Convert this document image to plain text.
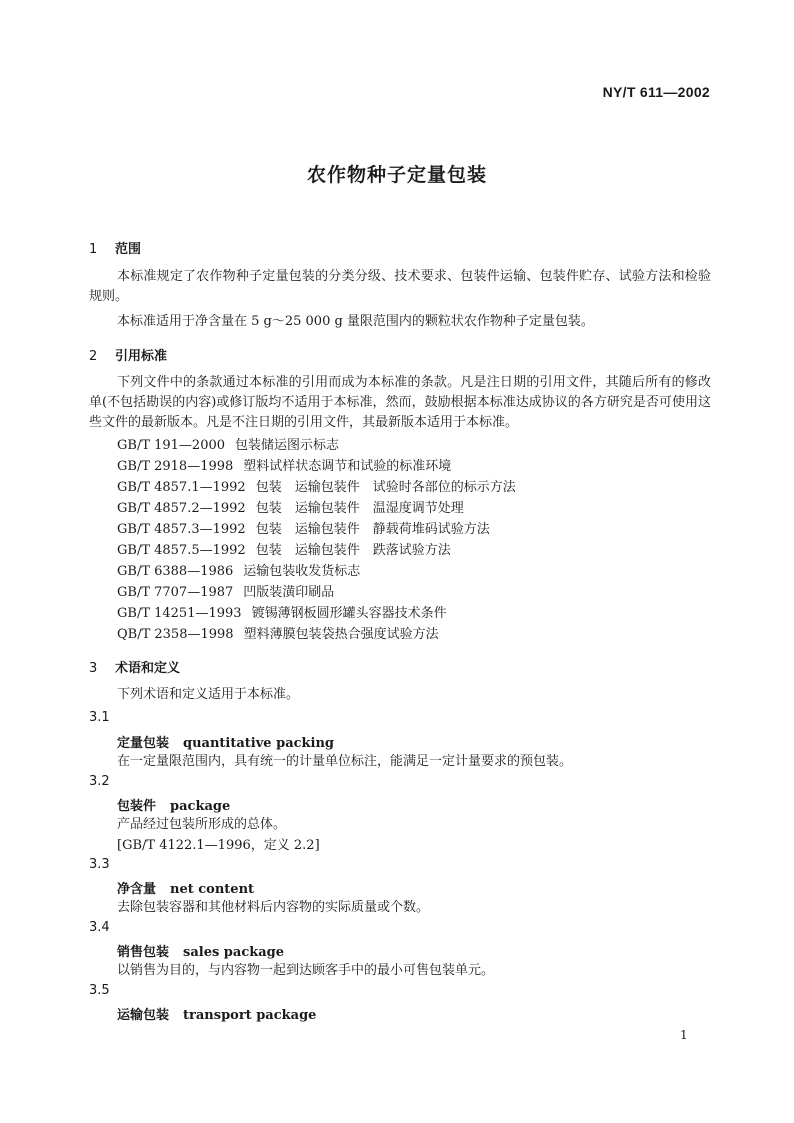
NY/T 611—2002
农作物种子定量包装
1 范围
本标准规定了农作物种子定量包装的分类分级、技术要求、包装件运输、包装件贮存、试验方法和检验规则。
本标准适用于净含量在 5 g～25 000 g 量限范围内的颗粒状农作物种子定量包装。
2 引用标准
下列文件中的条款通过本标准的引用而成为本标准的条款。凡是注日期的引用文件，其随后所有的修改单(不包括勘误的内容)或修订版均不适用于本标准，然而，鼓励根据本标准达成协议的各方研究是否可使用这些文件的最新版本。凡是不注日期的引用文件，其最新版本适用于本标准。
GB/T 191—2000 包装储运图示标志
GB/T 2918—1998 塑料试样状态调节和试验的标准环境
GB/T 4857.1—1992 包装　运输包装件　试验时各部位的标示方法
GB/T 4857.2—1992 包装　运输包装件　温湿度调节处理
GB/T 4857.3—1992 包装　运输包装件　静载荷堆码试验方法
GB/T 4857.5—1992 包装　运输包装件　跌落试验方法
GB/T 6388—1986 运输包装收发货标志
GB/T 7707—1987 凹版装潢印刷品
GB/T 14251—1993 镀锡薄钢板圆形罐头容器技术条件
QB/T 2358—1998 塑料薄膜包装袋热合强度试验方法
3 术语和定义
下列术语和定义适用于本标准。
3.1
定量包装 quantitative packing
在一定量限范围内，具有统一的计量单位标注，能满足一定计量要求的预包装。
3.2
包装件 package
产品经过包装所形成的总体。
[GB/T 4122.1—1996，定义 2.2]
3.3
净含量 net content
去除包装容器和其他材料后内容物的实际质量或个数。
3.4
销售包装 sales package
以销售为目的，与内容物一起到达顾客手中的最小可售包装单元。
3.5
运输包装 transport package
1
